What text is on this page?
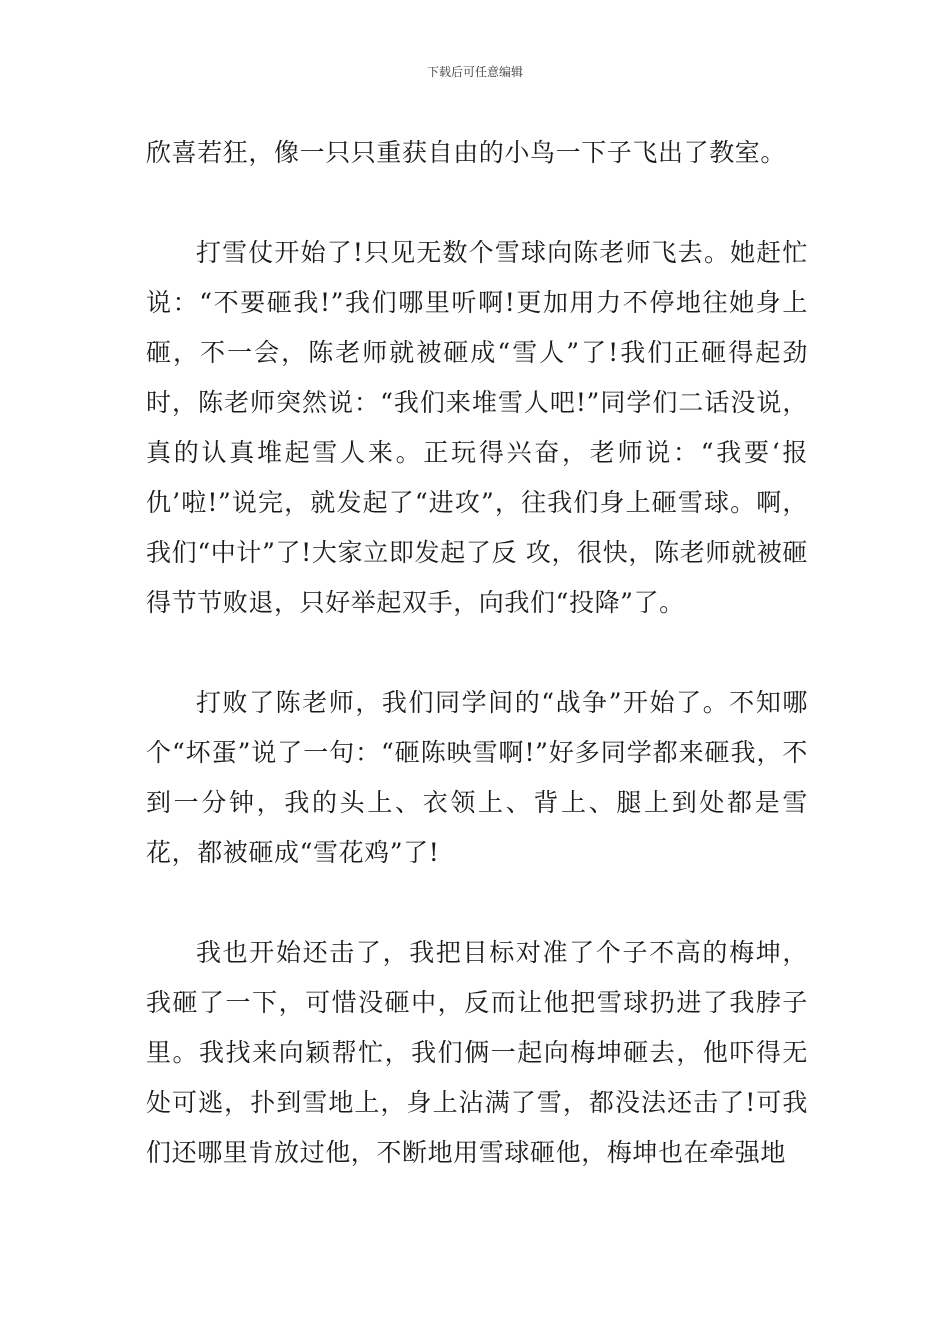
下载后可任意编辑

欣喜若狂，像一只只重获自由的小鸟一下子飞出了教室。

打雪仗开始了!只见无数个雪球向陈老师飞去。她赶忙说：“不要砸我!”我们哪里听啊!更加用力不停地往她身上砸，不一会，陈老师就被砸成“雪人”了!我们正砸得起劲时，陈老师突然说：“我们来堆雪人吧!”同学们二话没说，真的认真堆起雪人来。正玩得兴奋，老师说：“我要‘报仇’啦!”说完，就发起了“进攻”，往我们身上砸雪球。啊，我们“中计”了!大家立即发起了反 攻，很快，陈老师就被砸得节节败退，只好举起双手，向我们“投降”了。

打败了陈老师，我们同学间的“战争”开始了。不知哪个“坏蛋”说了一句：“砸陈映雪啊!”好多同学都来砸我，不到一分钟，我的头上、衣领上、背上、腿上到处都是雪花，都被砸成“雪花鸡”了!

我也开始还击了，我把目标对准了个子不高的梅坤，我砸了一下，可惜没砸中，反而让他把雪球扔进了我脖子里。我找来向颖帮忙，我们俩一起向梅坤砸去，他吓得无处可逃，扑到雪地上，身上沾满了雪，都没法还击了!可我们还哪里肯放过他，不断地用雪球砸他，梅坤也在牵强地
